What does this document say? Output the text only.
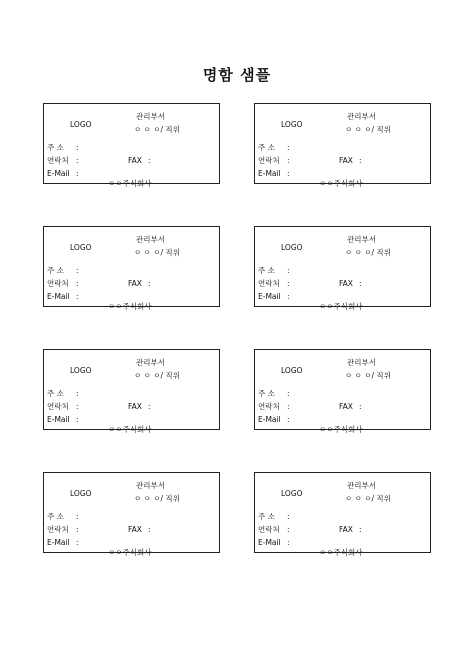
명함 샘플
LOGO
관리부서
ㅇ ㅇ ㅇ/ 직위
주 소 :
연락처 :	FAX :
E-Mail :
ㅇㅇ주식회사
LOGO
관리부서
ㅇ ㅇ ㅇ/ 직위
주 소 :
연락처 :	FAX :
E-Mail :
ㅇㅇ주식회사
LOGO
관리부서
ㅇ ㅇ ㅇ/ 직위
주 소 :
연락처 :	FAX :
E-Mail :
ㅇㅇ주식회사
LOGO
관리부서
ㅇ ㅇ ㅇ/ 직위
주 소 :
연락처 :	FAX :
E-Mail :
ㅇㅇ주식회사
LOGO
관리부서
ㅇ ㅇ ㅇ/ 직위
주 소 :
연락처 :	FAX :
E-Mail :
ㅇㅇ주식회사
LOGO
관리부서
ㅇ ㅇ ㅇ/ 직위
주 소 :
연락처 :	FAX :
E-Mail :
ㅇㅇ주식회사
LOGO
관리부서
ㅇ ㅇ ㅇ/ 직위
주 소 :
연락처 :	FAX :
E-Mail :
ㅇㅇ주식회사
LOGO
관리부서
ㅇ ㅇ ㅇ/ 직위
주 소 :
연락처 :	FAX :
E-Mail :
ㅇㅇ주식회사
